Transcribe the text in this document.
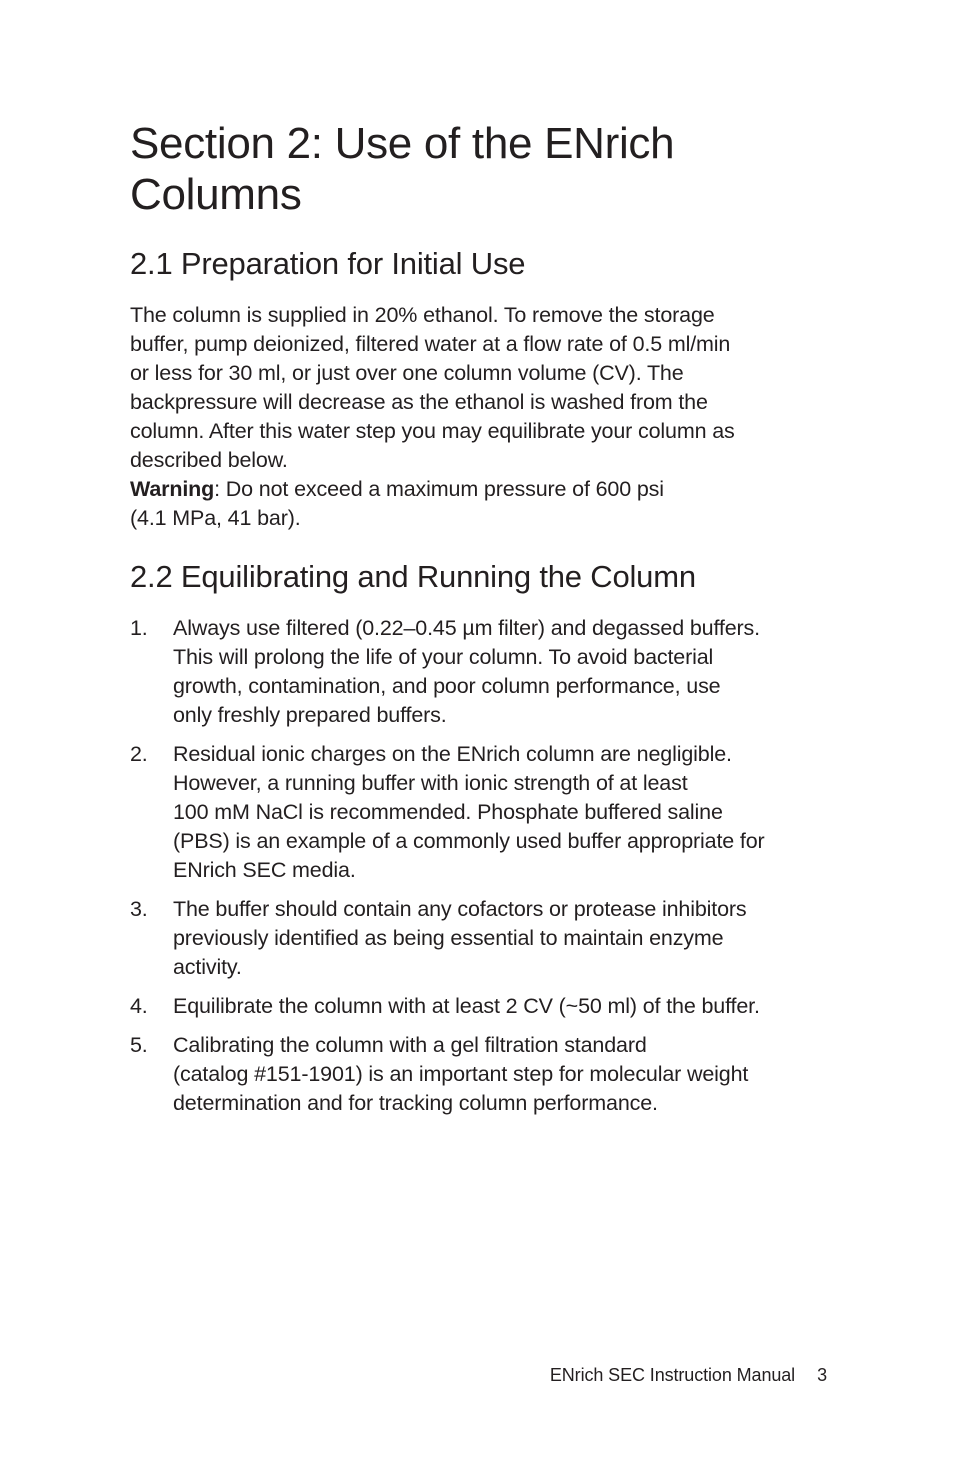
Section 2: Use of the ENrich
Columns
2.1 Preparation for Initial Use

The column is supplied in 20% ethanol. To remove the storage
buffer, pump deionized, filtered water at a flow rate of 0.5 ml/min
or less for 30 ml, or just over one column volume (CV). The
backpressure will decrease as the ethanol is washed from the
column. After this water step you may equilibrate your column as
described below.
Warning: Do not exceed a maximum pressure of 600 psi
(4.1 MPa, 41 bar).

2.2 Equilibrating and Running the Column
1.	Always use filtered (0.22–0.45 µm filter) and degassed buffers.
This will prolong the life of your column. To avoid bacterial
growth, contamination, and poor column performance, use
only freshly prepared buffers.
2.	Residual ionic charges on the ENrich column are negligible.
However, a running buffer with ionic strength of at least
100 mM NaCl is recommended. Phosphate buffered saline
(PBS) is an example of a commonly used buffer appropriate for
ENrich SEC media.
3.	The buffer should contain any cofactors or protease inhibitors
previously identified as being essential to maintain enzyme
activity.
4.	Equilibrate the column with at least 2 CV (~50 ml) of the buffer.
5.	Calibrating the column with a gel filtration standard
(catalog #151-1901) is an important step for molecular weight
determination and for tracking column performance.
ENrich SEC Instruction Manual 3
